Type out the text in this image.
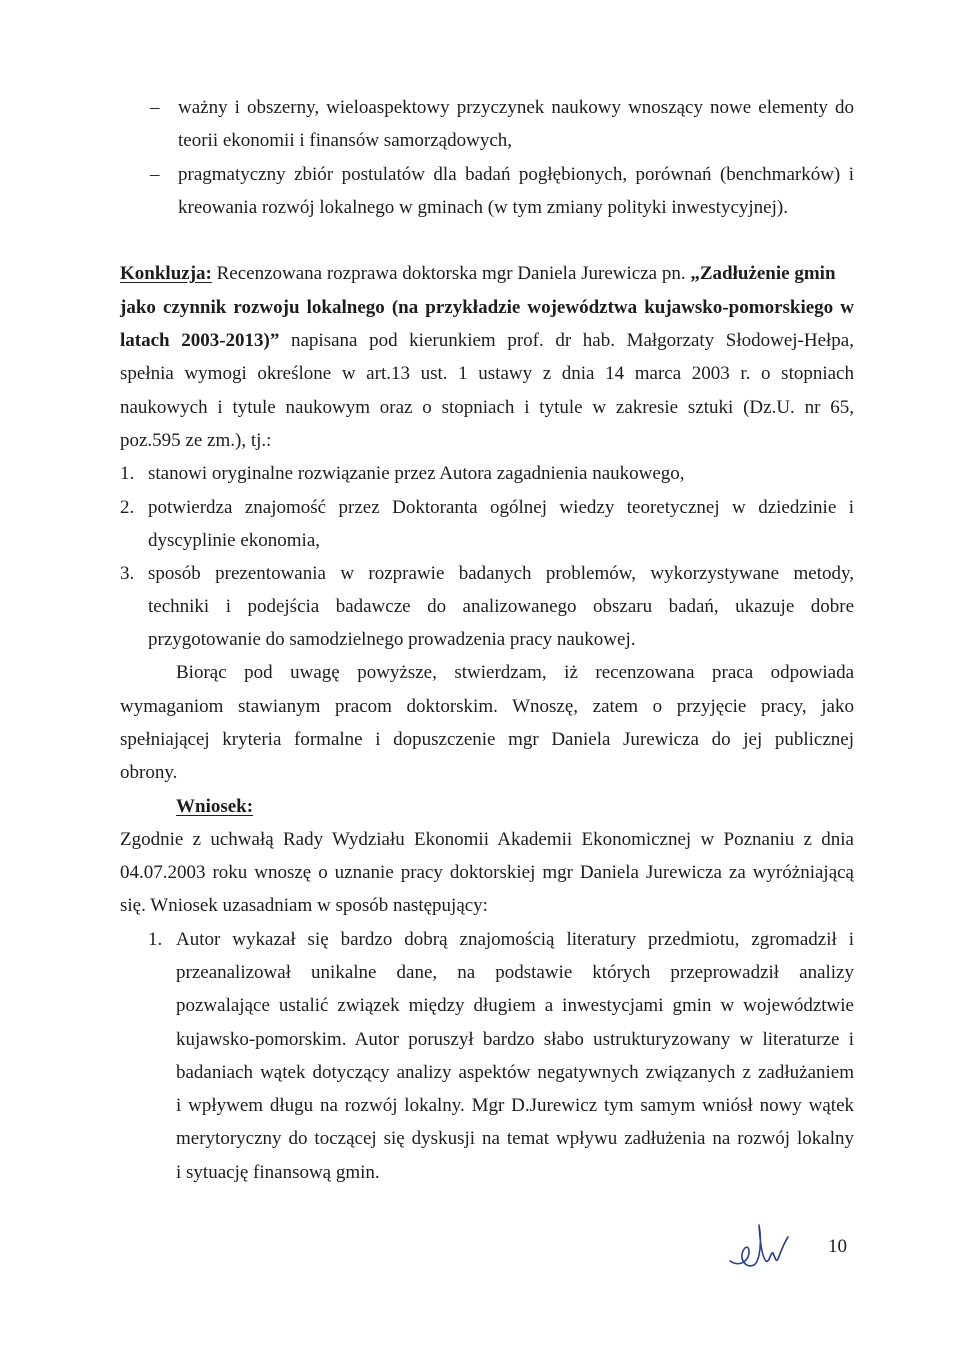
– ważny i obszerny, wieloaspektowy przyczynek naukowy wnoszący nowe elementy do

teorii ekonomii i finansów samorządowych,

– pragmatyczny zbiór postulatów dla badań pogłębionych, porównań (benchmarków) i

kreowania rozwój lokalnego w gminach (w tym zmiany polityki inwestycyjnej).

Konkluzja: Recenzowana rozprawa doktorska mgr Daniela Jurewicza pn. „Zadłużenie gmin

jako czynnik rozwoju lokalnego (na przykładzie województwa kujawsko-pomorskiego w

latach 2003-2013)” napisana pod kierunkiem prof. dr hab. Małgorzaty Słodowej-Hełpa,

spełnia wymogi określone w art.13 ust. 1 ustawy z dnia 14 marca 2003 r. o stopniach

naukowych i tytule naukowym oraz o stopniach i tytule w zakresie sztuki (Dz.U. nr 65,

poz.595 ze zm.), tj.:

1. stanowi oryginalne rozwiązanie przez Autora zagadnienia naukowego,

2. potwierdza znajomość przez Doktoranta ogólnej wiedzy teoretycznej w dziedzinie i

dyscyplinie ekonomia,

3. sposób prezentowania w rozprawie badanych problemów, wykorzystywane metody,

techniki i podejścia badawcze do analizowanego obszaru badań, ukazuje dobre

przygotowanie do samodzielnego prowadzenia pracy naukowej.

Biorąc pod uwagę powyższe, stwierdzam, iż recenzowana praca odpowiada

wymaganiom stawianym pracom doktorskim. Wnoszę, zatem o przyjęcie pracy, jako

spełniającej kryteria formalne i dopuszczenie mgr Daniela Jurewicza do jej publicznej

obrony.

Wniosek:

Zgodnie z uchwałą Rady Wydziału Ekonomii Akademii Ekonomicznej w Poznaniu z dnia

04.07.2003 roku wnoszę o uznanie pracy doktorskiej mgr Daniela Jurewicza za wyróżniającą

się. Wniosek uzasadniam w sposób następujący:

1. Autor wykazał się bardzo dobrą znajomością literatury przedmiotu, zgromadził i

przeanalizował unikalne dane, na podstawie których przeprowadził analizy

pozwalające ustalić związek między długiem a inwestycjami gmin w województwie

kujawsko-pomorskim. Autor poruszył bardzo słabo ustrukturyzowany w literaturze i

badaniach wątek dotyczący analizy aspektów negatywnych związanych z zadłużaniem

i wpływem długu na rozwój lokalny. Mgr D.Jurewicz tym samym wniósł nowy wątek

merytoryczny do toczącej się dyskusji na temat wpływu zadłużenia na rozwój lokalny

i sytuację finansową gmin.

10
